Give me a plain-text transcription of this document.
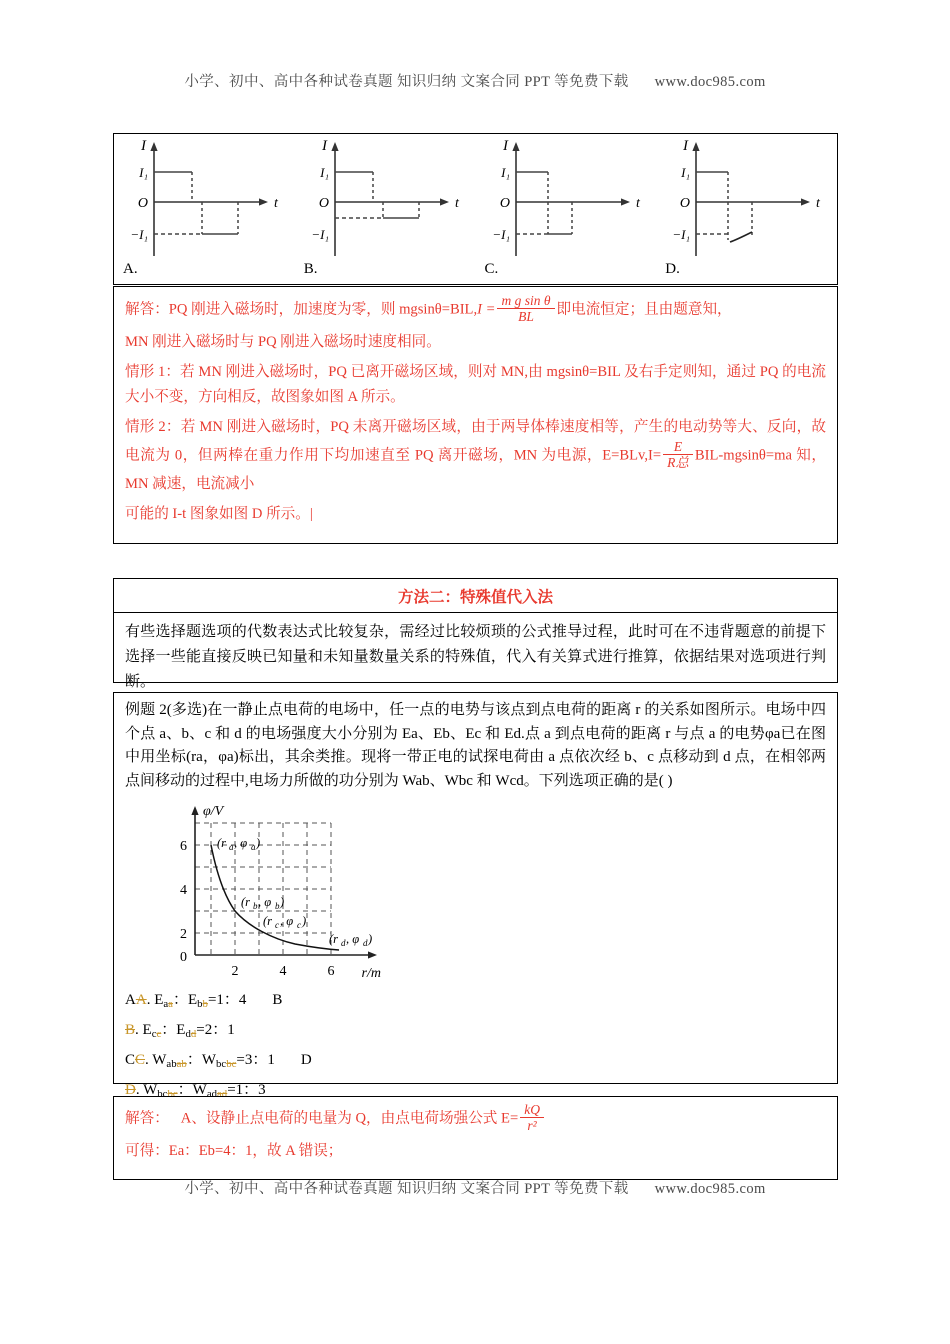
小学、初中、高中各种试卷真题 知识归纳 文案合同 PPT 等免费下载 www.doc985.com
I
I₁
O
−I₁
t
A.
I
I₁
O
−I₁
t
B.
I
I₁
O
−I₁
t
C.
I
I₁
O
−I₁
t
D.

解答：PQ 刚进入磁场时，加速度为零，则 $mgsin\theta=BIL,I = \frac{\text{m g sin θ}}{BL}$ 即电流恒定；且由题意知，

MN 刚进入磁场时与 PQ 刚进入磁场时速度相同。

情形 1：若 MN 刚进入磁场时，PQ 已离开磁场区域，则对 MN,由 mgsinθ=BIL 及右手定则知，通过 PQ 的电流大小不变，方向相反，故图象如图 A 所示。

情形 2：若 MN 刚进入磁场时，PQ 未离开磁场区域，由于两导体棒速度相等，产生的电动势等大、反向，故电流为 0，但两棒在重力作用下均加速直至 PQ 离开磁场，MN 为电源，$E=BLv,I= \frac{E}{\text{R总}} BIL-mgsin\theta=ma$ 知，MN 减速，电流减小

可能的 I-t 图象如图 D 所示。|

方法二：特殊值代入法
有些选择题选项的代数表达式比较复杂，需经过比较烦琐的公式推导过程，此时可在不违背题意的前提下选择一些能直接反映已知量和未知量数量关系的特殊值，代入有关算式进行推算，依据结果对选项进行判断。

例题 2(多选)在一静止点电荷的电场中，任一点的电势与该点到点电荷的距离 r 的关系如图所示。电场中四个点 a、b、c 和 d 的电场强度大小分别为 Ea、Eb、Ec 和 Ed.点 a 到点电荷的距离 r 与点 a 的电势φa已在图中用坐标(ra，φa)标出，其余类推。现将一带正电的试探电荷由 a 点依次经 b、c 点移动到 d 点，在相邻两点间移动的过程中,电场力所做的功分别为 Wab、Wbc 和 Wcd。下列选项正确的是( )

6
4
2
0
2	4	6
φ/V
r/m
(r a , φ a )
(r b , φ b )
(r c , φ c )
(r d , φ d )
AA. $E_{aa}$：$E_{bb}=1$：4 B
B. $E_{cc}$：$E_{dd}=2$：1
CC. $W_{abab}$：$W_{bcbc}=3$：1 D
D. $W_{bcbc}$：$W_{adad}=1$：3

解答： A、设静止点电荷的电量为 Q，由点电荷场强公式 $E= \frac{kQ}{\text{r²}}$

可得：Ea：Eb=4：1，故 A 错误；

小学、初中、高中各种试卷真题 知识归纳 文案合同 PPT 等免费下载 www.doc985.com
